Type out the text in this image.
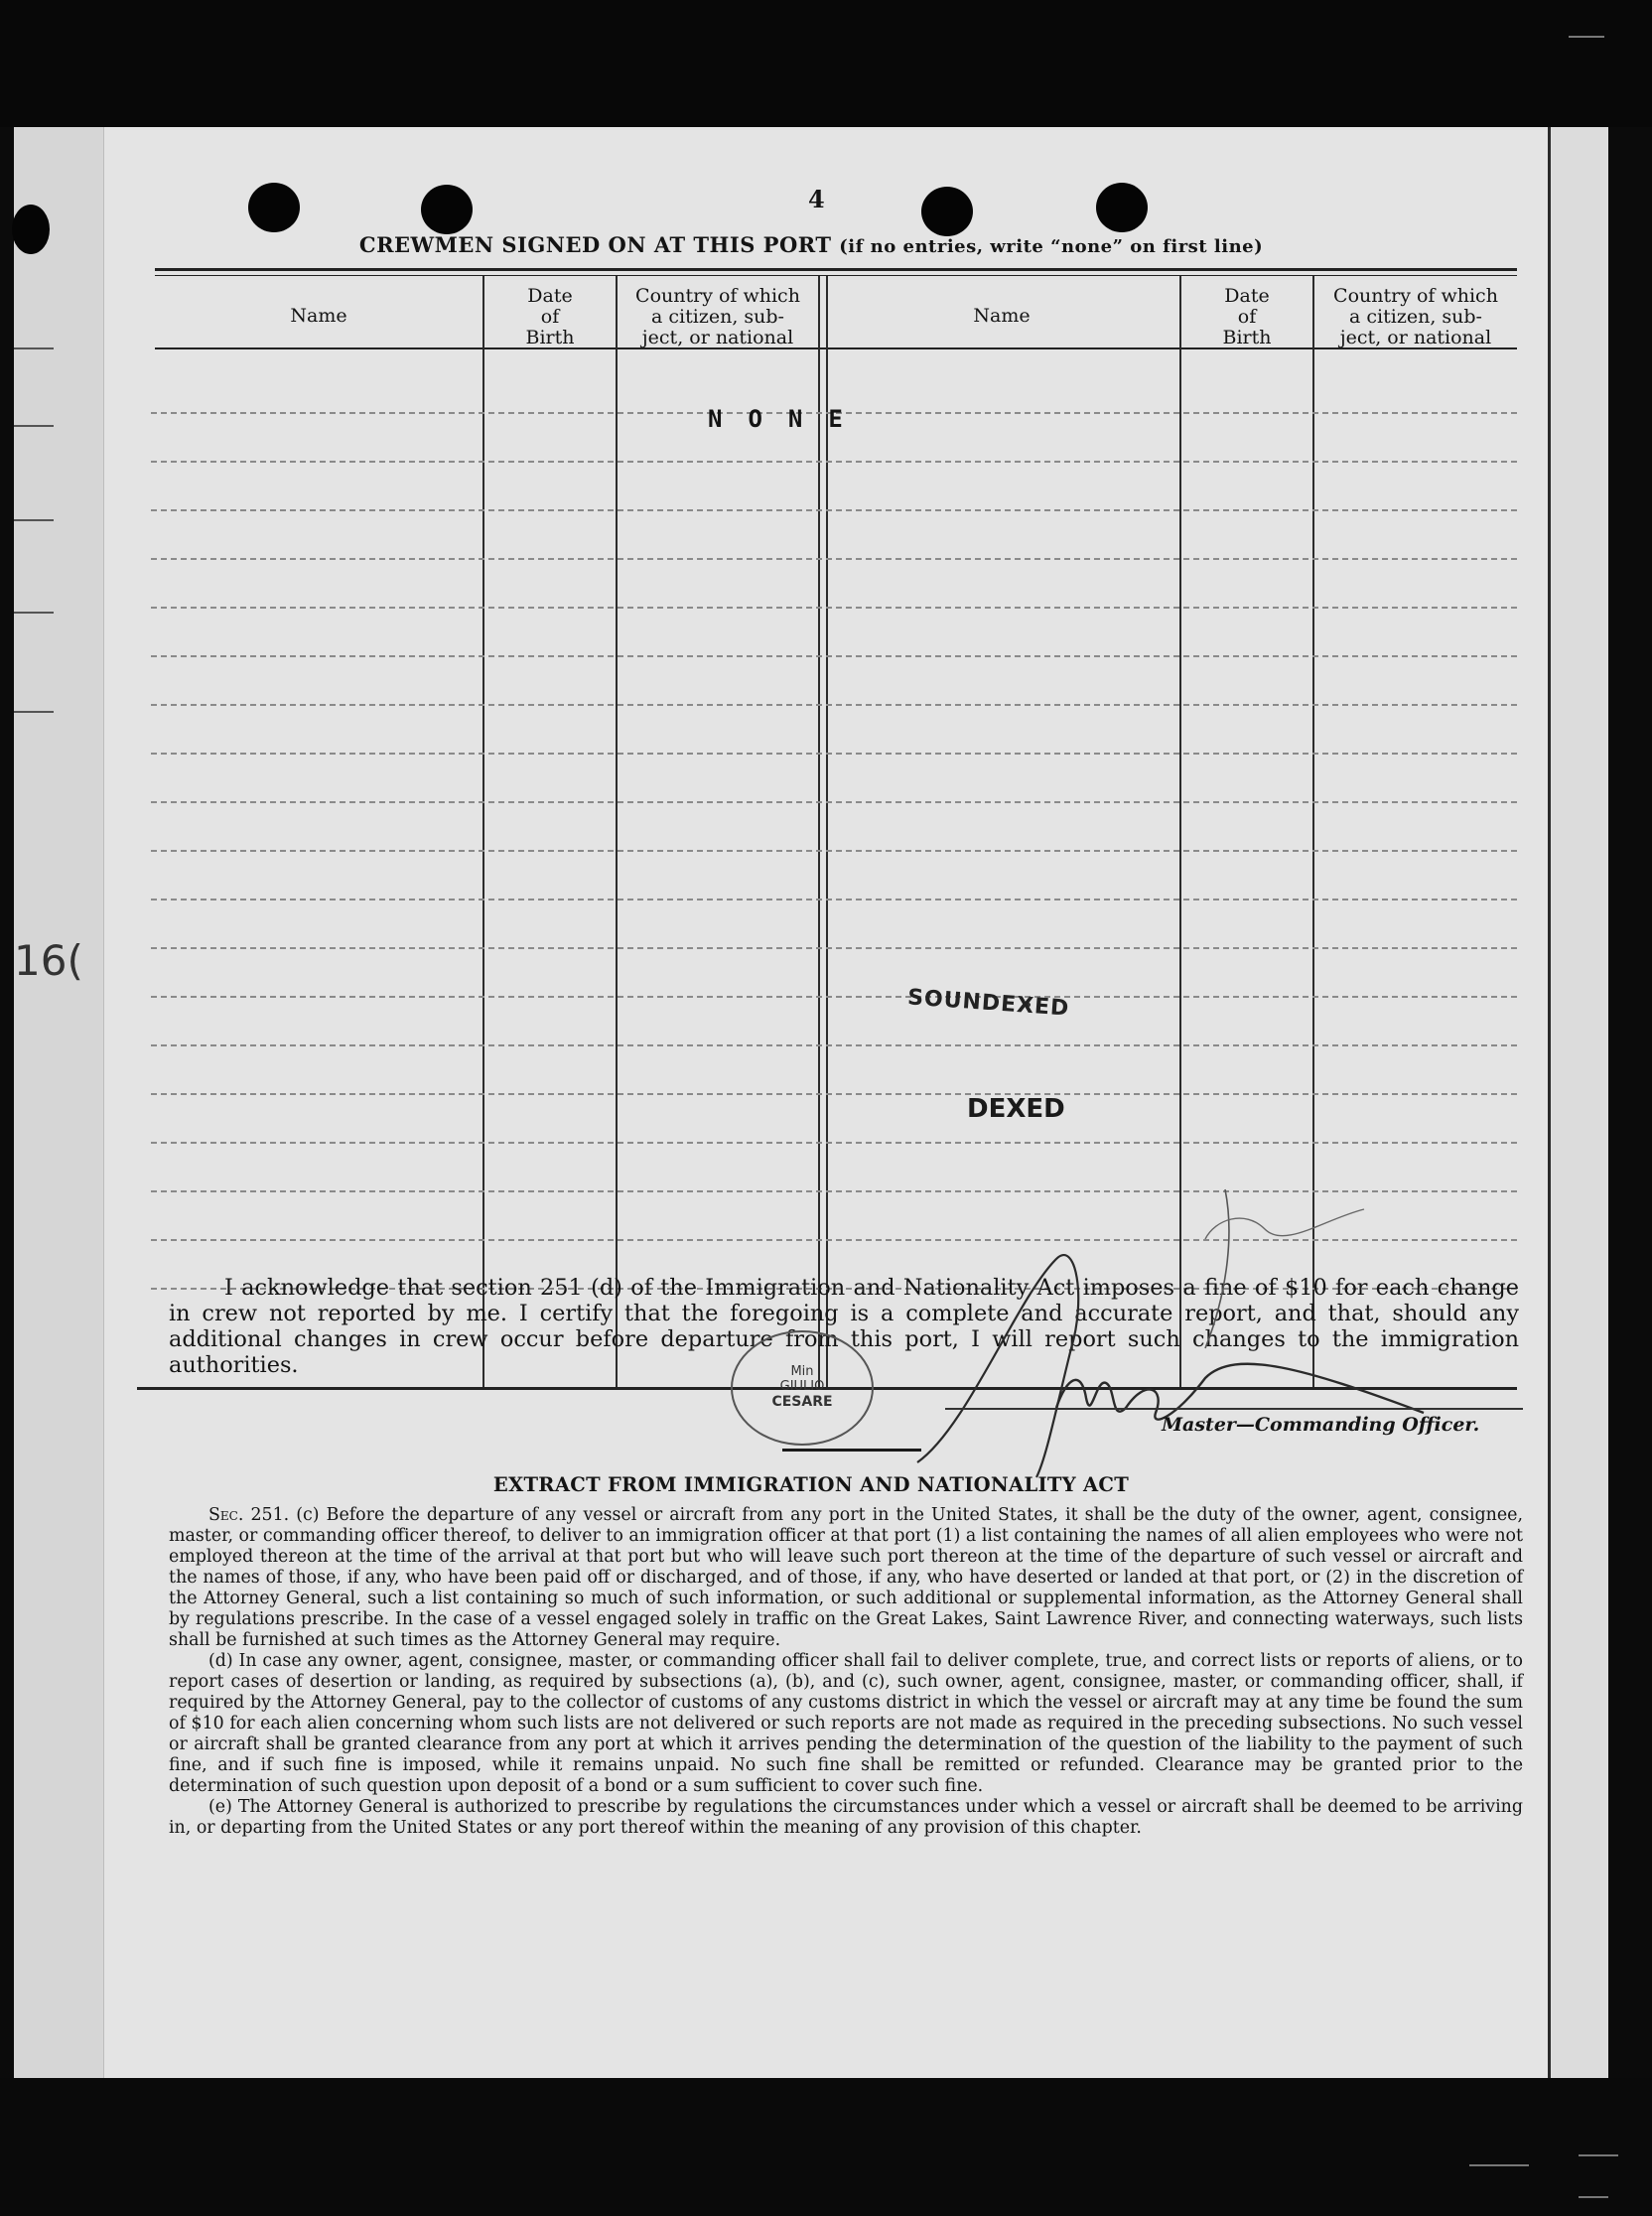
16(
4
CREWMEN SIGNED ON AT THIS PORT (if no entries, write “none” on first line)
Name
Date
of
Birth
Country of which
a citizen, sub-
ject, or national
Name
Date
of
Birth
Country of which
a citizen, sub-
ject, or national
NONE
SOUNDEXED
DEXED

I acknowledge that section 251 (d) of the Immigration and Nationality Act imposes a fine of $10 for each change in crew not reported by me. I certify that the foregoing is a complete and accurate report, and that, should any additional changes in crew occur before departure from this port, I will report such changes to the immigration authorities.	Min
GIULIO
CESARE
Master—Commanding Officer.
EXTRACT FROM IMMIGRATION AND NATIONALITY ACT

Sec. 251. (c) Before the departure of any vessel or aircraft from any port in the United States, it shall be the duty of the owner, agent, consignee, master, or commanding officer thereof, to deliver to an immigration officer at that port (1) a list containing the names of all alien employees who were not employed thereon at the time of the arrival at that port but who will leave such port thereon at the time of the departure of such vessel or aircraft and the names of those, if any, who have been paid off or discharged, and of those, if any, who have deserted or landed at that port, or (2) in the discretion of the Attorney General, such a list containing so much of such information, or such additional or supplemental information, as the Attorney General shall by regulations prescribe. In the case of a vessel engaged solely in traffic on the Great Lakes, Saint Lawrence River, and connecting waterways, such lists shall be furnished at such times as the Attorney General may require.

(d) In case any owner, agent, consignee, master, or commanding officer shall fail to deliver complete, true, and correct lists or reports of aliens, or to report cases of desertion or landing, as required by subsections (a), (b), and (c), such owner, agent, consignee, master, or commanding officer, shall, if required by the Attorney General, pay to the collector of customs of any customs district in which the vessel or aircraft may at any time be found the sum of $10 for each alien concerning whom such lists are not delivered or such reports are not made as required in the preceding subsections. No such vessel or aircraft shall be granted clearance from any port at which it arrives pending the determination of the question of the liability to the payment of such fine, and if such fine is imposed, while it remains unpaid. No such fine shall be remitted or refunded. Clearance may be granted prior to the determination of such question upon deposit of a bond or a sum sufficient to cover such fine.

(e) The Attorney General is authorized to prescribe by regulations the circumstances under which a vessel or aircraft shall be deemed to be arriving in, or departing from the United States or any port thereof within the meaning of any provision of this chapter.
